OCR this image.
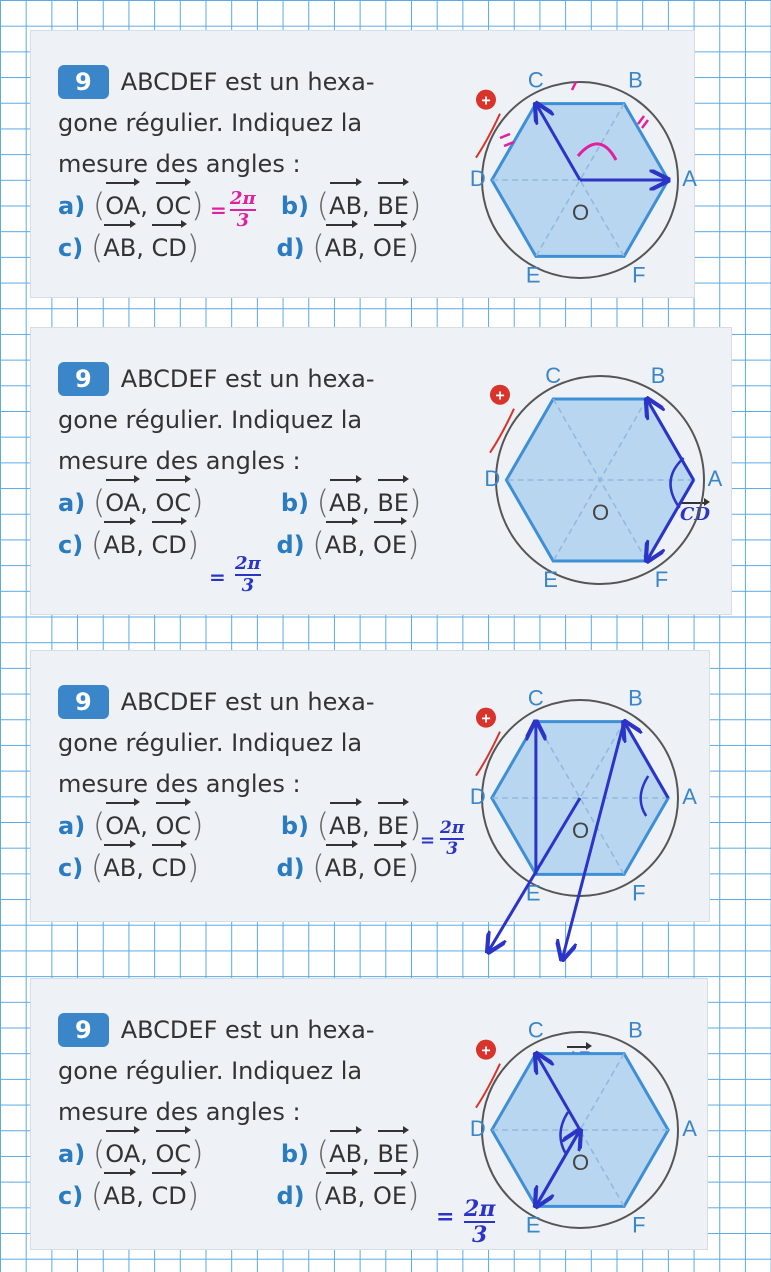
9 ABCDEF est un hexa-
gone régulier. Indiquez la
mesure des angles :
a) (OA, OC)	b) (AB, BE)
c) (AB, CD)	d) (AB, OE)
9 ABCDEF est un hexa-
gone régulier. Indiquez la
mesure des angles :
a) (OA, OC)	b) (AB, BE)
c) (AB, CD)	d) (AB, OE)
9 ABCDEF est un hexa-
gone régulier. Indiquez la
mesure des angles :
a) (OA, OC)	b) (AB, BE)
c) (AB, CD)	d) (AB, OE)
9 ABCDEF est un hexa-
gone régulier. Indiquez la
mesure des angles :
a) (OA, OC)	b) (AB, BE)
c) (AB, CD)	d) (AB, OE)
2π
3
=
2π
3
=
2π
3
=
2π
3
=
CD
A
B
C
D
E	F
O
+
A
B
C
D
E	F
O
+
A
B
C
D
E	F
O
+
A
B
C
D
E	F
O
+
